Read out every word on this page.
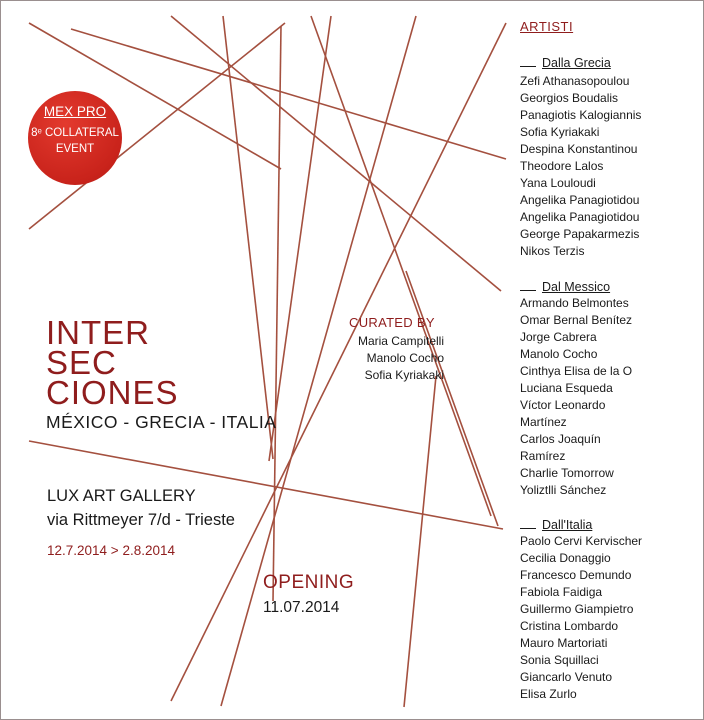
MEX PRO
8ᵉ COLLATERAL
EVENT
INTER
SEC
CIONES
MÉXICO - GRECIA - ITALIA
LUX ART GALLERY
via Rittmeyer 7/d - Trieste
12.7.2014 > 2.8.2014
OPENING
11.07.2014
CURATED BY
Maria Campitelli
Manolo Cocho
Sofia Kyriakaki
ARTISTI
Dalla Grecia
Zefi Athanasopoulou
Georgios Boudalis
Panagiotis Kalogiannis
Sofia Kyriakaki
Despina Konstantinou
Theodore Lalos
Yana Louloudi
Angelika Panagiotidou
Angelika Panagiotidou
George Papakarmezis
Nikos Terzis
Dal Messico
Armando Belmontes
Omar Bernal Benítez
Jorge Cabrera
Manolo Cocho
Cinthya Elisa de la O
Luciana Esqueda
Víctor Leonardo
Martínez
Carlos Joaquín
Ramírez
Charlie Tomorrow
Yoliztlli Sánchez
Dall'Italia
Paolo Cervi Kervischer
Cecilia Donaggio
Francesco Demundo
Fabiola Faidiga
Guillermo Giampietro
Cristina Lombardo
Mauro Martoriati
Sonia Squillaci
Giancarlo Venuto
Elisa Zurlo
